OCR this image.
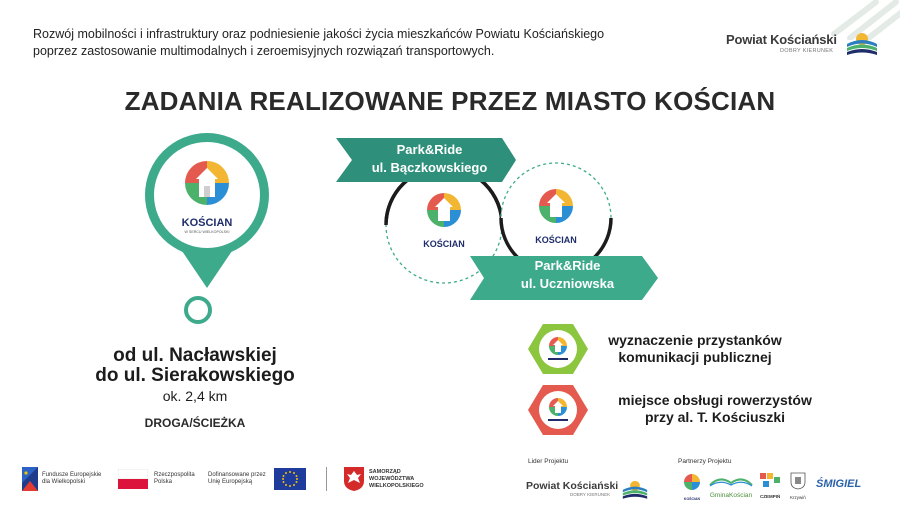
Rozwój mobilności i infrastruktury oraz podniesienie jakości życia mieszkańców Powiatu Kościańskiego
poprzez zastosowanie multimodalnych i zeroemisyjnych rozwiązań transportowych.
Powiat Kościański
DOBRY KIERUNEK
ZADANIA REALIZOWANE PRZEZ MIASTO KOŚCIAN
KOŚCIAN
W SERCU WIELKOPOLSKI
od ul. Nacławskiej
do ul. Sierakowskiego
ok. 2,4 km
DROGA/ŚCIEŻKA
KOŚCIAN	KOŚCIAN
Park&Ride
ul. Bączkowskiego
Park&Ride
ul. Uczniowska
wyznaczenie przystanków
komunikacji publicznej
miejsce obsługi rowerzystów
przy al. T. Kościuszki
Fundusze Europejskie
dla Wielkopolski
Rzeczpospolita
Polska
Dofinansowane przez
Unię Europejską
SAMORZĄD
WOJEWÓDZTWA
WIELKOPOLSKIEGO
Lider Projektu	Partnerzy Projektu
Powiat Kościański
DOBRY KIERUNEK
KOŚCIAN GminaKościan	CZEMPIŃ	Krzywiń
ŚMIGIEL
